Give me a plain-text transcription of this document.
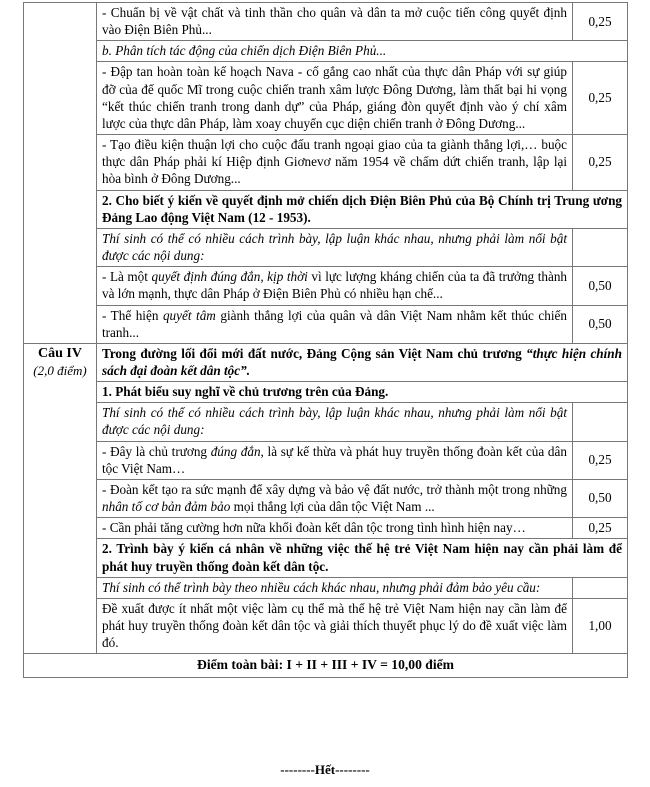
	- Chuẩn bị về vật chất và tinh thần cho quân và dân ta mở cuộc tiến công quyết định vào Điện Biên Phủ...	0,25
	b. Phân tích tác động của chiến dịch Điện Biên Phủ...	
	- Đập tan hoàn toàn kế hoạch Nava - cố gắng cao nhất của thực dân Pháp với sự giúp đỡ của đế quốc Mĩ trong cuộc chiến tranh xâm lược Đông Dương, làm thất bại hi vọng “kết thúc chiến tranh trong danh dự” của Pháp, giáng đòn quyết định vào ý chí xâm lược của thực dân Pháp, làm xoay chuyển cục diện chiến tranh ở Đông Dương...	0,25
	- Tạo điều kiện thuận lợi cho cuộc đấu tranh ngoại giao của ta giành thắng lợi,… buộc thực dân Pháp phải kí Hiệp định Giơnevơ năm 1954 về chấm dứt chiến tranh, lập lại hòa bình ở Đông Dương...	0,25
	2. Cho biết ý kiến về quyết định mở chiến dịch Điện Biên Phủ của Bộ Chính trị Trung ương Đảng Lao động Việt Nam (12 - 1953).	
	Thí sinh có thể có nhiều cách trình bày, lập luận khác nhau, nhưng phải làm nổi bật được các nội dung:	
	- Là một quyết định đúng đắn, kịp thời vì lực lượng kháng chiến của ta đã trưởng thành và lớn mạnh, thực dân Pháp ở Điện Biên Phủ có nhiều hạn chế...	0,50
	- Thể hiện quyết tâm giành thắng lợi của quân và dân Việt Nam nhằm kết thúc chiến tranh...	0,50

Câu IV
(2,0 điểm)	Trong đường lối đổi mới đất nước, Đảng Cộng sản Việt Nam chủ trương “thực hiện chính sách đại đoàn kết dân tộc”.	
	1. Phát biểu suy nghĩ về chủ trương trên của Đảng.	
	Thí sinh có thể có nhiều cách trình bày, lập luận khác nhau, nhưng phải làm nổi bật được các nội dung:	
	- Đây là chủ trương đúng đắn, là sự kế thừa và phát huy truyền thống đoàn kết của dân tộc Việt Nam…	0,25
	- Đoàn kết tạo ra sức mạnh để xây dựng và bảo vệ đất nước, trở thành một trong những nhân tố cơ bản đảm bảo mọi thắng lợi của dân tộc Việt Nam ...	0,50
	- Cần phải tăng cường hơn nữa khối đoàn kết dân tộc trong tình hình hiện nay…	0,25
	2. Trình bày ý kiến cá nhân về những việc thế hệ trẻ Việt Nam hiện nay cần phải làm để phát huy truyền thống đoàn kết dân tộc.	
	Thí sinh có thể trình bày theo nhiều cách khác nhau, nhưng phải đảm bảo yêu cầu:	
	Đề xuất được ít nhất một việc làm cụ thể mà thế hệ trẻ Việt Nam hiện nay cần làm để phát huy truyền thống đoàn kết dân tộc và giải thích thuyết phục lý do đề xuất việc làm đó.	1,00
Điểm toàn bài: I + II + III + IV = 10,00 điểm		
--------Hết--------
